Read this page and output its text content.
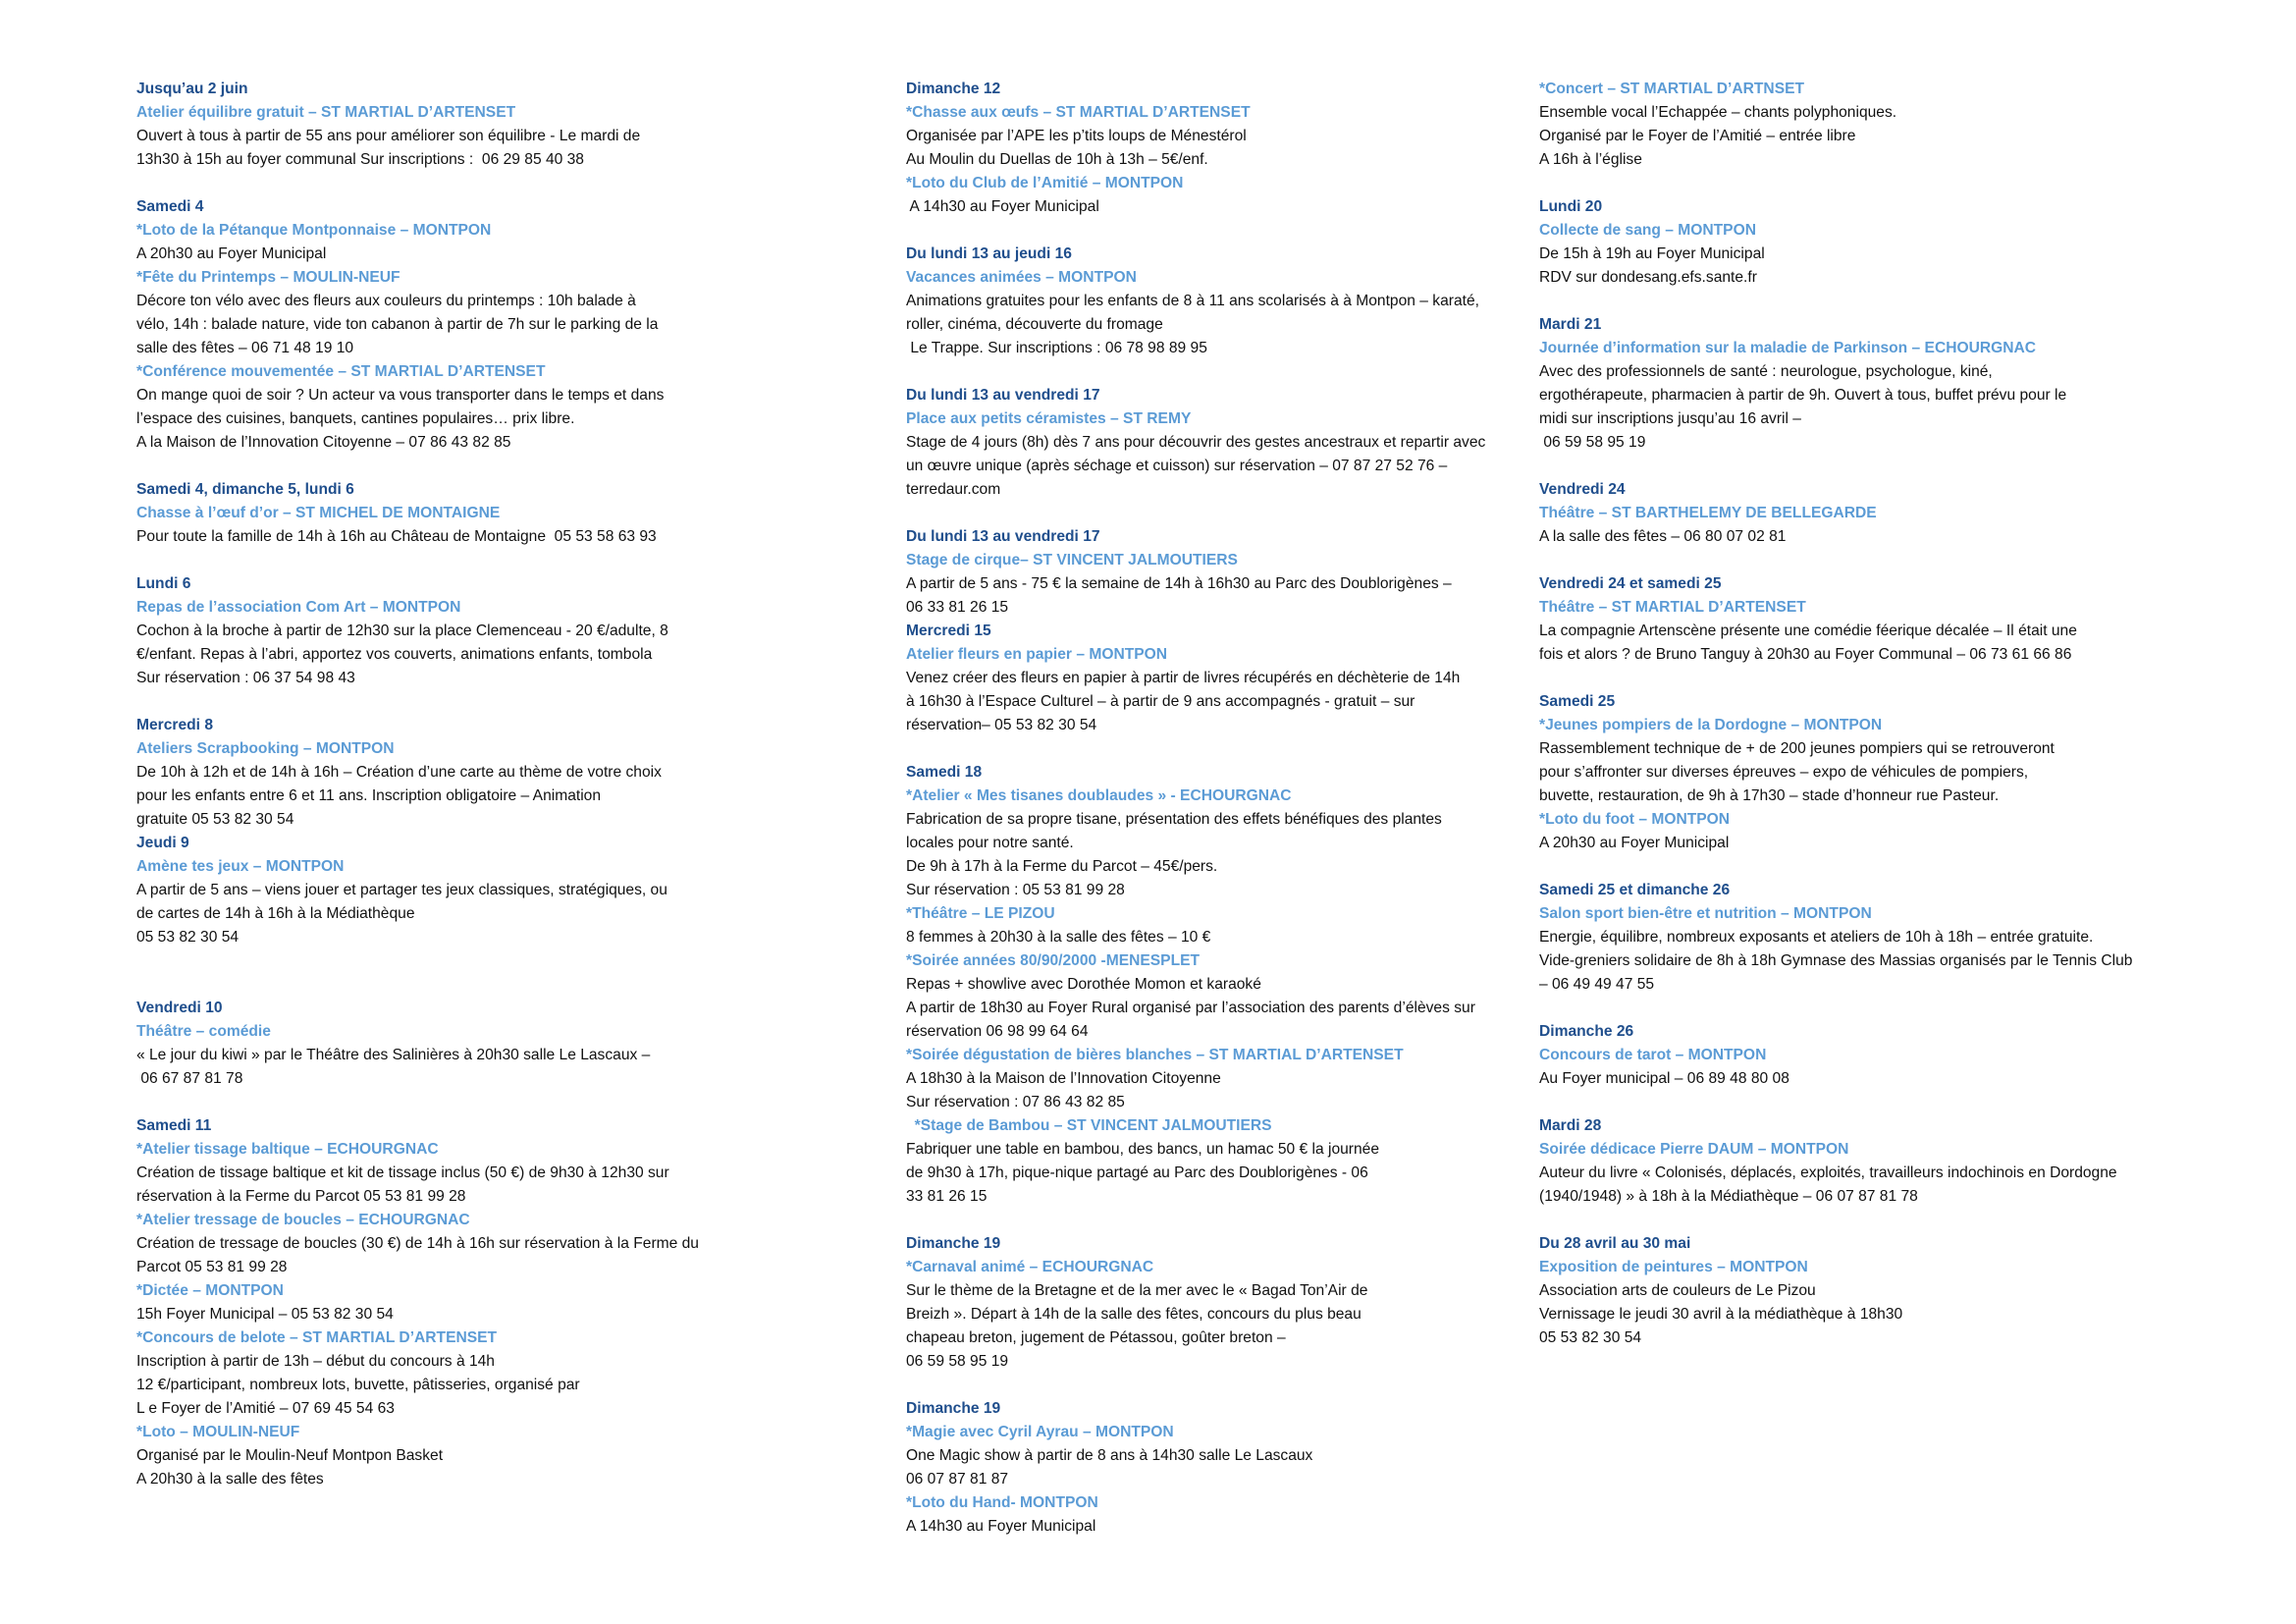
Jusqu’au 2 juin
Atelier équilibre gratuit – ST MARTIAL D’ARTENSET
Ouvert à tous à partir de 55 ans pour améliorer son équilibre - Le mardi de
13h30 à 15h au foyer communal Sur inscriptions :  06 29 85 40 38
Samedi 4
*Loto de la Pétanque Montponnaise – MONTPON
A 20h30 au Foyer Municipal
*Fête du Printemps – MOULIN-NEUF
Décore ton vélo avec des fleurs aux couleurs du printemps : 10h balade à
vélo, 14h : balade nature, vide ton cabanon à partir de 7h sur le parking de la
salle des fêtes – 06 71 48 19 10
*Conférence mouvementée – ST MARTIAL D’ARTENSET
On mange quoi de soir ? Un acteur va vous transporter dans le temps et dans
l’espace des cuisines, banquets, cantines populaires… prix libre.
A la Maison de l’Innovation Citoyenne – 07 86 43 82 85
Samedi 4, dimanche 5, lundi 6
Chasse à l’œuf d’or – ST MICHEL DE MONTAIGNE
Pour toute la famille de 14h à 16h au Château de Montaigne  05 53 58 63 93
Lundi 6
Repas de l’association Com Art – MONTPON
Cochon à la broche à partir de 12h30 sur la place Clemenceau - 20 €/adulte, 8
€/enfant. Repas à l’abri, apportez vos couverts, animations enfants, tombola
Sur réservation : 06 37 54 98 43
Mercredi 8
Ateliers Scrapbooking – MONTPON
De 10h à 12h et de 14h à 16h – Création d’une carte au thème de votre choix
pour les enfants entre 6 et 11 ans. Inscription obligatoire – Animation
gratuite 05 53 82 30 54
Jeudi 9
Amène tes jeux – MONTPON
A partir de 5 ans – viens jouer et partager tes jeux classiques, stratégiques, ou
de cartes de 14h à 16h à la Médiathèque
05 53 82 30 54
Vendredi 10
Théâtre – comédie
« Le jour du kiwi » par le Théâtre des Salinières à 20h30 salle Le Lascaux –
06 67 87 81 78
Samedi 11
*Atelier tissage baltique – ECHOURGNAC
Création de tissage baltique et kit de tissage inclus (50 €) de 9h30 à 12h30 sur
réservation à la Ferme du Parcot 05 53 81 99 28
*Atelier tressage de boucles – ECHOURGNAC
Création de tressage de boucles (30 €) de 14h à 16h sur réservation à la Ferme du
Parcot 05 53 81 99 28
*Dictée – MONTPON
15h Foyer Municipal – 05 53 82 30 54
*Concours de belote – ST MARTIAL D’ARTENSET
Inscription à partir de 13h – début du concours à 14h
12 €/participant, nombreux lots, buvette, pâtisseries, organisé par
L e Foyer de l’Amitié – 07 69 45 54 63
*Loto – MOULIN-NEUF
Organisé par le Moulin-Neuf Montpon Basket
A 20h30 à la salle des fêtes
Dimanche 12
*Chasse aux œufs – ST MARTIAL D’ARTENSET
Organisée par l’APE les p’tits loups de Ménestérol
Au Moulin du Duellas de 10h à 13h – 5€/enf.
*Loto du Club de l’Amitié – MONTPON
A 14h30 au Foyer Municipal
Du lundi 13 au jeudi 16
Vacances animées – MONTPON
Animations gratuites pour les enfants de 8 à 11 ans scolarisés à à Montpon – karaté,
roller, cinéma, découverte du fromage
Le Trappe. Sur inscriptions : 06 78 98 89 95
Du lundi 13 au vendredi 17
Place aux petits céramistes – ST REMY
Stage de 4 jours (8h) dès 7 ans pour découvrir des gestes ancestraux et repartir avec
un œuvre unique (après séchage et cuisson) sur réservation – 07 87 27 52 76 –
terredaur.com
Du lundi 13 au vendredi 17
Stage de cirque– ST VINCENT JALMOUTIERS
A partir de 5 ans - 75 € la semaine de 14h à 16h30 au Parc des Doublorigènes –
06 33 81 26 15
Mercredi 15
Atelier fleurs en papier – MONTPON
Venez créer des fleurs en papier à partir de livres récupérés en déchèterie de 14h
à 16h30 à l’Espace Culturel – à partir de 9 ans accompagnés - gratuit – sur
réservation– 05 53 82 30 54
Samedi 18
*Atelier « Mes tisanes doublaudes » - ECHOURGNAC
Fabrication de sa propre tisane, présentation des effets bénéfiques des plantes
locales pour notre santé.
De 9h à 17h à la Ferme du Parcot – 45€/pers.
Sur réservation : 05 53 81 99 28
*Théâtre – LE PIZOU
8 femmes à 20h30 à la salle des fêtes – 10 €
*Soirée années 80/90/2000 -MENESPLET
Repas + showlive avec Dorothée Momon et karaoké
A partir de 18h30 au Foyer Rural organisé par l’association des parents d’élèves sur
réservation 06 98 99 64 64
*Soirée dégustation de bières blanches – ST MARTIAL D’ARTENSET
A 18h30 à la Maison de l’Innovation Citoyenne
Sur réservation : 07 86 43 82 85
*Stage de Bambou – ST VINCENT JALMOUTIERS
Fabriquer une table en bambou, des bancs, un hamac 50 € la journée
de 9h30 à 17h, pique-nique partagé au Parc des Doublorigènes - 06
33 81 26 15
Dimanche 19
*Carnaval animé – ECHOURGNAC
Sur le thème de la Bretagne et de la mer avec le « Bagad Ton’Air de
Breizh ». Départ à 14h de la salle des fêtes, concours du plus beau
chapeau breton, jugement de Pétassou, goûter breton –
06 59 58 95 19
Dimanche 19
*Magie avec Cyril Ayrau – MONTPON
One Magic show à partir de 8 ans à 14h30 salle Le Lascaux
06 07 87 81 87
*Loto du Hand- MONTPON
A 14h30 au Foyer Municipal
*Concert – ST MARTIAL D’ARTNSET
Ensemble vocal l’Echappée – chants polyphoniques.
Organisé par le Foyer de l’Amitié – entrée libre
A 16h à l’église
Lundi 20
Collecte de sang – MONTPON
De 15h à 19h au Foyer Municipal
RDV sur dondesang.efs.sante.fr
Mardi 21
Journée d’information sur la maladie de Parkinson – ECHOURGNAC
Avec des professionnels de santé : neurologue, psychologue, kiné,
ergothérapeute, pharmacien à partir de 9h. Ouvert à tous, buffet prévu pour le
midi sur inscriptions jusqu’au 16 avril –
06 59 58 95 19
Vendredi 24
Théâtre – ST BARTHELEMY DE BELLEGARDE
A la salle des fêtes – 06 80 07 02 81
Vendredi 24 et samedi 25
Théâtre – ST MARTIAL D’ARTENSET
La compagnie Artenscène présente une comédie féerique décalée – Il était une
fois et alors ? de Bruno Tanguy à 20h30 au Foyer Communal – 06 73 61 66 86
Samedi 25
*Jeunes pompiers de la Dordogne – MONTPON
Rassemblement technique de + de 200 jeunes pompiers qui se retrouveront
pour s’affronter sur diverses épreuves – expo de véhicules de pompiers,
buvette, restauration, de 9h à 17h30 – stade d’honneur rue Pasteur.
*Loto du foot – MONTPON
A 20h30 au Foyer Municipal
Samedi 25 et dimanche 26
Salon sport bien-être et nutrition – MONTPON
Energie, équilibre, nombreux exposants et ateliers de 10h à 18h – entrée gratuite.
Vide-greniers solidaire de 8h à 18h Gymnase des Massias organisés par le Tennis Club
– 06 49 49 47 55
Dimanche 26
Concours de tarot – MONTPON
Au Foyer municipal – 06 89 48 80 08
Mardi 28
Soirée dédicace Pierre DAUM – MONTPON
Auteur du livre « Colonisés, déplacés, exploités, travailleurs indochinois en Dordogne
(1940/1948) » à 18h à la Médiathèque – 06 07 87 81 78
Du 28 avril au 30 mai
Exposition de peintures – MONTPON
Association arts de couleurs de Le Pizou
Vernissage le jeudi 30 avril à la médiathèque à 18h30
05 53 82 30 54
